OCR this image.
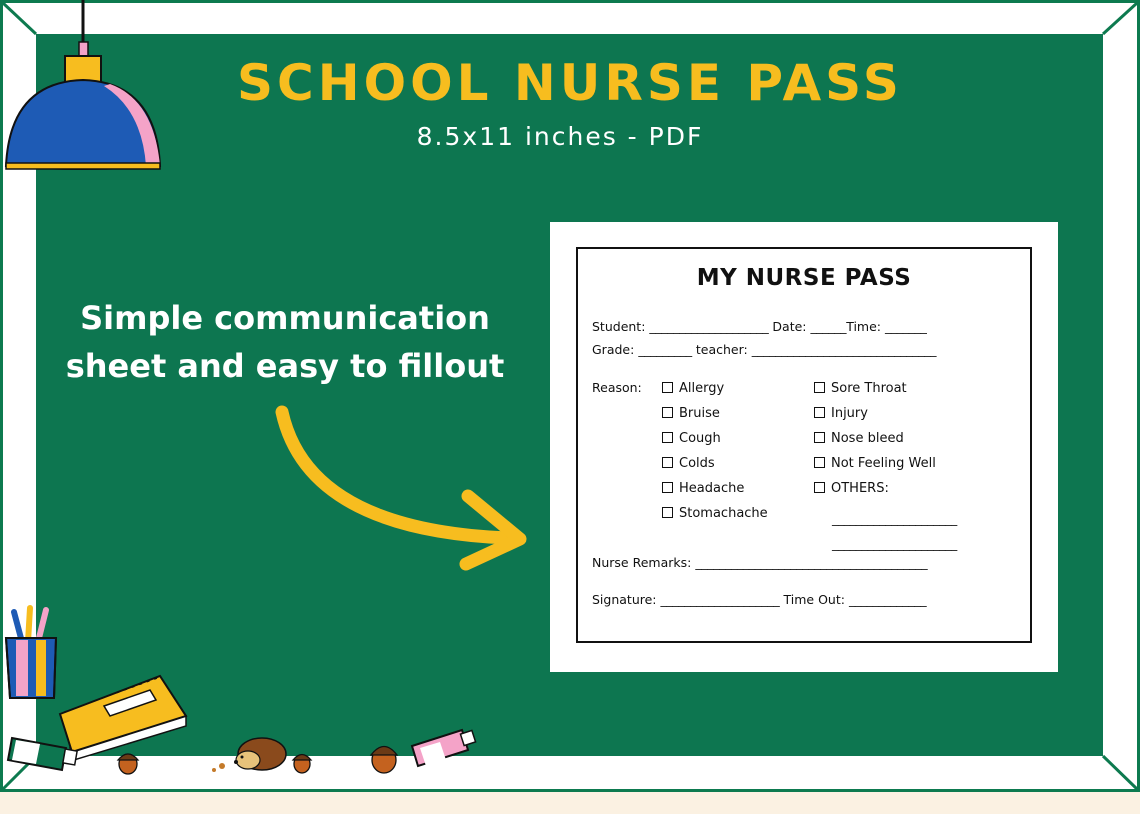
SCHOOL NURSE PASS
8.5x11 inches - PDF
Simple communication
sheet and easy to fillout
MY NURSE PASS
Student: ____________________ Date: ______Time: _______
Grade: _________ teacher: _______________________________
Reason:	Allergy
Bruise
Cough
Colds
Headache
Stomachache
Sore Throat
Injury
Nose bleed
Not Feeling Well
OTHERS:
_____________________
_____________________
Nurse Remarks: _______________________________________
Signature: ____________________ Time Out: _____________
